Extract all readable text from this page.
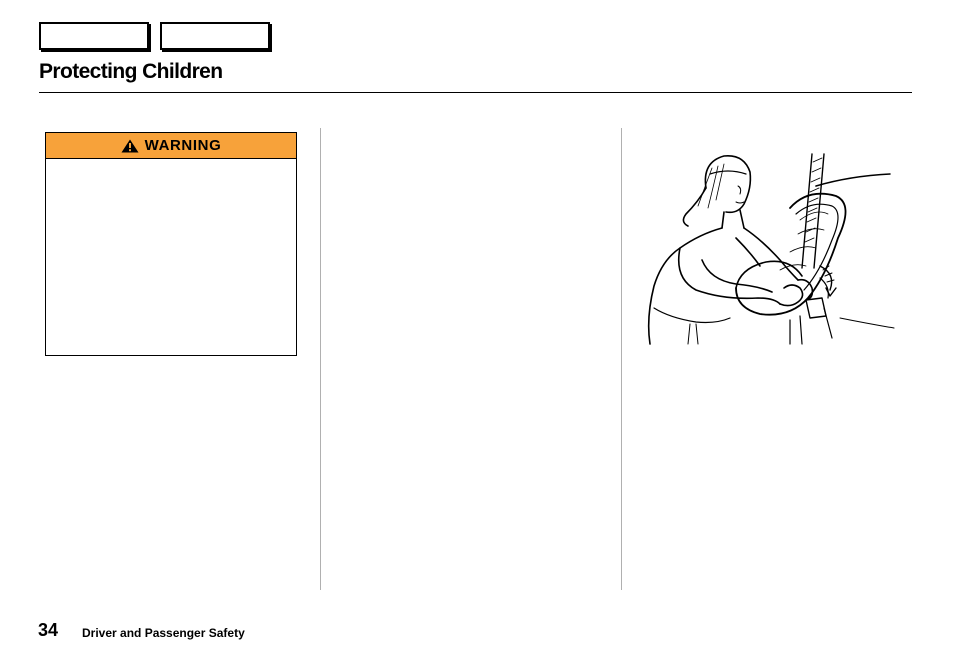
Protecting Children
WARNING
34 Driver and Passenger Safety
